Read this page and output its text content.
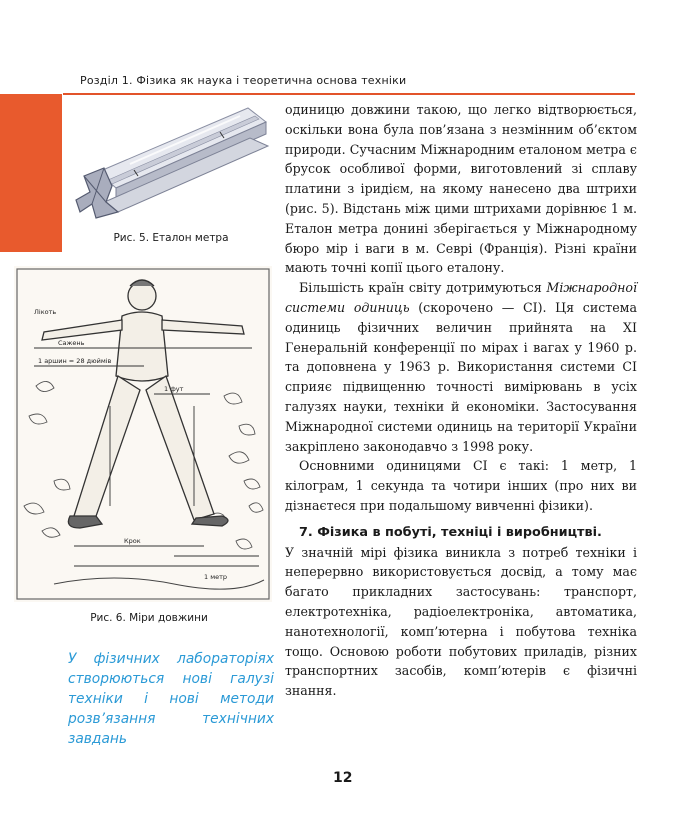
Розділ 1. Фізика як наука і теоретична основа техніки
Рис. 5. Еталон метра
Лікоть
Сажень
1 аршин = 28 дюймів
1 фут
Крок
1 метр
Рис. 6. Міри довжини
У фізичних лабораторіях створюються нові галузі техніки і нові методи розв’язання технічних завдань

одиницю довжини такою, що легко відтворюється, оскільки вона була пов’язана з незмінним об’єктом природи. Сучасним Міжнародним еталоном метра є брусок особливої форми, виготовлений зі сплаву платини з іридієм, на якому нанесено два штрихи (рис. 5). Відстань між цими штрихами дорівнює 1 м. Еталон метра донині зберігається у Міжнародному бюро мір і ваги в м. Севрі (Франція). Різні країни мають точні копії цього еталону.

Більшість країн світу дотримуються Міжнародної системи одиниць (скорочено — СІ). Ця система одиниць фізичних величин прийнята на XI Генеральній конференції по мірах і вагах у 1960 р. та доповнена у 1963 р. Використання системи СІ сприяє підвищенню точності вимірювань в усіх галузях науки, техніки й економіки. Застосування Міжнародної системи одиниць на території України закріплено законодавчо з 1998 року.

Основними одиницями СІ є такі: 1 метр, 1 кілограм, 1 секунда та чотири інших (про них ви дізнаєтеся при подальшому вивченні фізики).

7. Фізика в побуті, техніці і виробництві.

У значній мірі фізика виникла з потреб техніки і неперервно використовується досвід, а тому має багато прикладних застосувань: транспорт, електротехніка, радіоелектроніка, автоматика, нанотехнології, комп’ютерна і побутова техніка тощо. Основою роботи побутових приладів, різних транспортних засобів, комп’ютерів є фізичні знання.

12
